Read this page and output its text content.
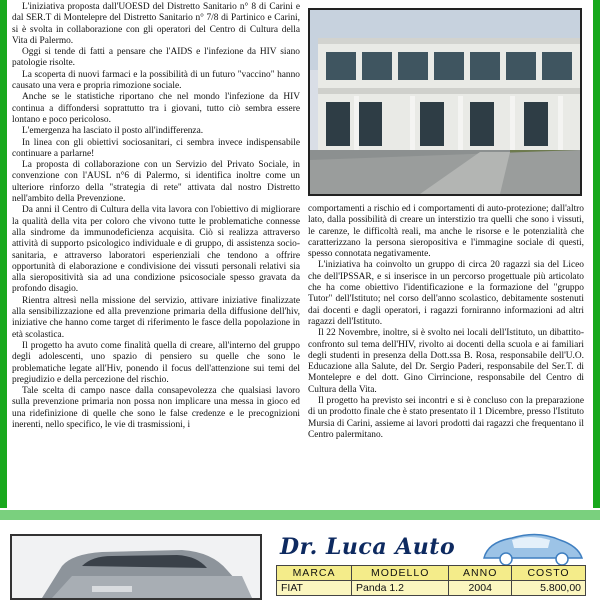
L'iniziativa proposta dall'UOESD del Distretto Sanitario n° 8 di Carini e dal SER.T di Montelepre del Distretto Sanitario n° 7/8 di Partinico e Carini, si è svolta in collaborazione con gli operatori del Centro di Cultura della Vita di Palermo.

Oggi si tende di fatti a pensare che l'AIDS e l'infezione da HIV siano patologie risolte.

La scoperta di nuovi farmaci e la possibilità di un futuro "vaccino" hanno causato una vera e propria rimozione sociale.

Anche se le statistiche riportano che nel mondo l'infezione da HIV continua a diffondersi soprattutto tra i giovani, tutto ciò sembra essere lontano e poco pericoloso.

L'emergenza ha lasciato il posto all'indifferenza.

In linea con gli obiettivi sociosanitari, ci sembra invece indispensabile continuare a parlarne!

La proposta di collaborazione con un Servizio del Privato Sociale, in convenzione con l'AUSL n°6 di Palermo, si identifica inoltre come un ulteriore rinforzo della "strategia di rete" attivata dal nostro Distretto nell'ambito della Prevenzione.

Da anni il Centro di Cultura della vita lavora con l'obiettivo di migliorare la qualità della vita per coloro che vivono tutte le problematiche connesse alla sindrome da immunodeficienza acquisita. Ciò si realizza attraverso attività di supporto psicologico individuale e di gruppo, di assistenza socio-sanitaria, e attraverso laboratori esperienziali che tendono a offrire opportunità di elaborazione e condivisione dei vissuti personali relativi sia alla sieropositività sia ad una condizione psicosociale spesso gravata da profondo disagio.

Rientra altresì nella missione del servizio, attivare iniziative finalizzate alla sensibilizzazione ed alla prevenzione primaria della diffusione dell'hiv, iniziative che hanno come target di riferimento le fasce della popolazione in età scolastica.

Il progetto ha avuto come finalità quella di creare, all'interno del gruppo degli adolescenti, uno spazio di pensiero su quelle che sono le problematiche legate all'Hiv, ponendo il focus dell'attenzione sui temi del pregiudizio e della percezione del rischio.

Tale scelta di campo nasce dalla consapevolezza che qualsiasi lavoro sulla prevenzione primaria non possa non implicare una messa in gioco ed una ridefinizione di quelle che sono le false credenze e le precognizioni inerenti, nello specifico, le vie di trasmissioni, i

comportamenti a rischio ed i comportamenti di auto-protezione; dall'altro lato, dalla possibilità di creare un interstizio tra quelli che sono i vissuti, le carenze, le difficoltà reali, ma anche le risorse e le potenzialità che caratterizzano la persona sieropositiva e l'immagine sociale di questi, spesso connotata negativamente.

L'iniziativa ha coinvolto un gruppo di circa 20 ragazzi sia del Liceo che dell'IPSSAR, e si inserisce in un percorso progettuale più articolato che ha come obiettivo l'identificazione e la formazione del "gruppo Tutor" dell'Istituto; nel corso dell'anno scolastico, debitamente sostenuti dai docenti e dagli operatori, i ragazzi forniranno informazioni ad altri ragazzi dell'Istituto.

Il 22 Novembre, inoltre, si è svolto nei locali dell'Istituto, un dibattito-confronto sul tema dell'HIV, rivolto ai docenti della scuola e ai familiari degli studenti in presenza della Dott.ssa B. Rosa, responsabile dell'U.O. Educazione alla Salute, del Dr. Sergio Paderi, responsabile del Ser.T. di Montelepre e del dott. Gino Cirrincione, responsabile del Centro di Cultura della Vita.

Il progetto ha previsto sei incontri e si è concluso con la preparazione di un prodotto finale che è stato presentato il 1 Dicembre, presso l'Istituto Mursia di Carini, assieme ai lavori prodotti dai ragazzi che frequentano il Centro palermitano.

Dr. Luca Auto
MARCA	MODELLO	ANNO	COSTO
FIAT	Panda 1.2	2004	5.800,00
